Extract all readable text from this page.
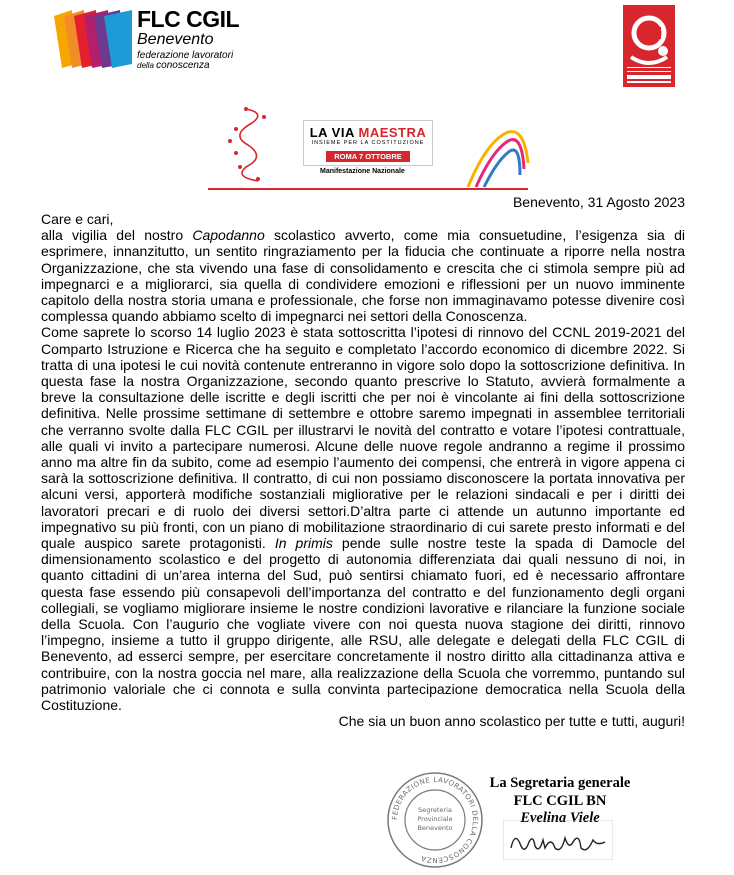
FLC CGIL
Benevento
federazione lavoratori
della conoscenza
LA VIA MAESTRA
INSIEME PER LA COSTITUZIONE
ROMA 7 OTTOBRE
Manifestazione Nazionale
Benevento, 31 Agosto 2023

Care e cari,

alla vigilia del nostro Capodanno scolastico avverto, come mia consuetudine, l’esigenza sia di esprimere, innanzitutto, un sentito ringraziamento per la fiducia che continuate a riporre nella nostra Organizzazione, che sta vivendo una fase di consolidamento e crescita che ci stimola sempre più ad impegnarci e a migliorarci, sia quella di condividere emozioni e riflessioni per un nuovo imminente capitolo della nostra storia umana e professionale, che forse non immaginavamo potesse divenire così complessa quando abbiamo scelto di impegnarci nei settori della Conoscenza.

Come saprete lo scorso 14 luglio 2023 è stata sottoscritta l’ipotesi di rinnovo del CCNL 2019-2021 del Comparto Istruzione e Ricerca che ha seguito e completato l’accordo economico di dicembre 2022. Si tratta di una ipotesi le cui novità contenute entreranno in vigore solo dopo la sottoscrizione definitiva. In questa fase la nostra Organizzazione, secondo quanto prescrive lo Statuto, avvierà formalmente a breve la consultazione delle iscritte e degli iscritti che per noi è vincolante ai fini della sottoscrizione definitiva. Nelle prossime settimane di settembre e ottobre saremo impegnati in assemblee territoriali che verranno svolte dalla FLC CGIL per illustrarvi le novità del contratto e votare l’ipotesi contrattuale, alle quali vi invito a partecipare numerosi. Alcune delle nuove regole andranno a regime il prossimo anno ma altre fin da subito, come ad esempio l’aumento dei compensi, che entrerà in vigore appena ci sarà la sottoscrizione definitiva. Il contratto, di cui non possiamo disconoscere la portata innovativa per alcuni versi, apporterà modifiche sostanziali migliorative per le relazioni sindacali e per i diritti dei lavoratori precari e di ruolo dei diversi settori.D’altra parte ci attende un autunno importante ed impegnativo su più fronti, con un piano di mobilitazione straordinario di cui sarete presto informati e del quale auspico sarete protagonisti. In primis pende sulle nostre teste la spada di Damocle del dimensionamento scolastico e del progetto di autonomia differenziata dai quali nessuno di noi, in quanto cittadini di un’area interna del Sud, può sentirsi chiamato fuori, ed è necessario affrontare questa fase essendo più consapevoli dell’importanza del contratto e del funzionamento degli organi collegiali, se vogliamo migliorare insieme le nostre condizioni lavorative e rilanciare la funzione sociale della Scuola. Con l’augurio che vogliate vivere con noi questa nuova stagione dei diritti, rinnovo l’impegno, insieme a tutto il gruppo dirigente, alle RSU, alle delegate e delegati della FLC CGIL di Benevento, ad esserci sempre, per esercitare concretamente il nostro diritto alla cittadinanza attiva e contribuire, con la nostra goccia nel mare, alla realizzazione della Scuola che vorremmo, puntando sul patrimonio valoriale che ci connota e sulla convinta partecipazione democratica nella Scuola della Costituzione.

Che sia un buon anno scolastico per tutte e tutti, auguri!

FEDERAZIONE LAVORATORI DELLA CONOSCENZA
Segreteria Provinciale Benevento
La Segretaria generale
FLC CGIL BN
Evelina Viele
